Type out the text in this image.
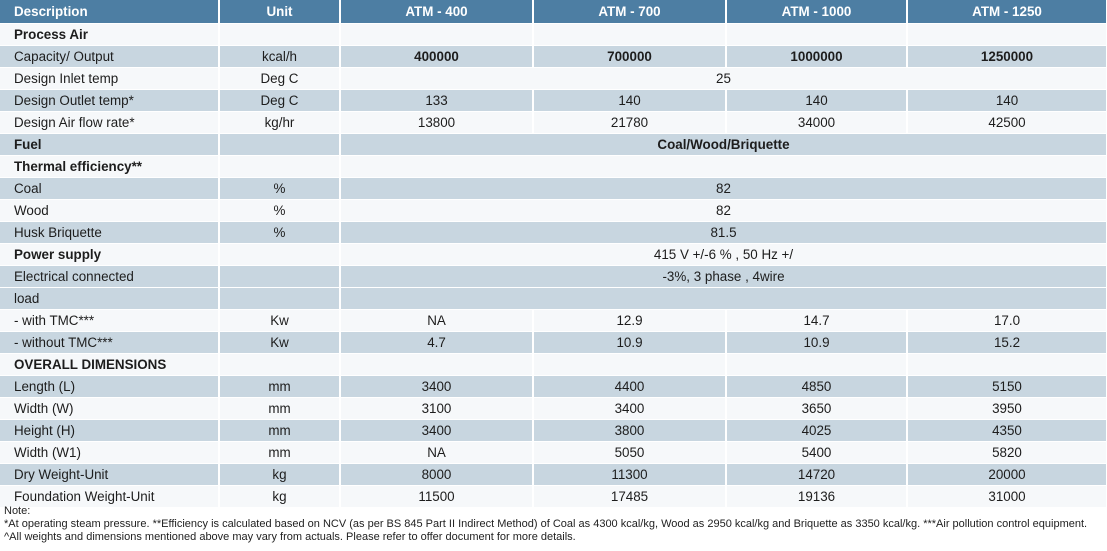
Description	Unit	ATM - 400	ATM - 700	ATM - 1000	ATM - 1250
Process Air					
Capacity/ Output	kcal/h	400000	700000	1000000	1250000
Design Inlet temp	Deg C	25			
Design Outlet temp*	Deg C	133	140	140	140
Design Air flow rate*	kg/hr	13800	21780	34000	42500
Fuel		Coal/Wood/Briquette			
Thermal efficiency**					
Coal	%	82			
Wood	%	82			
Husk Briquette	%	81.5			
Power supply		415 V +/-6 % , 50 Hz +/			
Electrical connected		-3%, 3 phase , 4wire			
load					
- with TMC***	Kw	NA	12.9	14.7	17.0
- without TMC***	Kw	4.7	10.9	10.9	15.2
OVERALL DIMENSIONS					
Length (L)	mm	3400	4400	4850	5150
Width (W)	mm	3100	3400	3650	3950
Height (H)	mm	3400	3800	4025	4350
Width (W1)	mm	NA	5050	5400	5820
Dry Weight-Unit	kg	8000	11300	14720	20000
Foundation Weight-Unit	kg	11500	17485	19136	31000
Note:
*At operating steam pressure. **Efficiency is calculated based on NCV (as per BS 845 Part II Indirect Method) of Coal as 4300 kcal/kg, Wood as 2950 kcal/kg and Briquette as 3350 kcal/kg. ***Air pollution control equipment. ^All weights and dimensions mentioned above may vary from actuals. Please refer to offer document for more details.
